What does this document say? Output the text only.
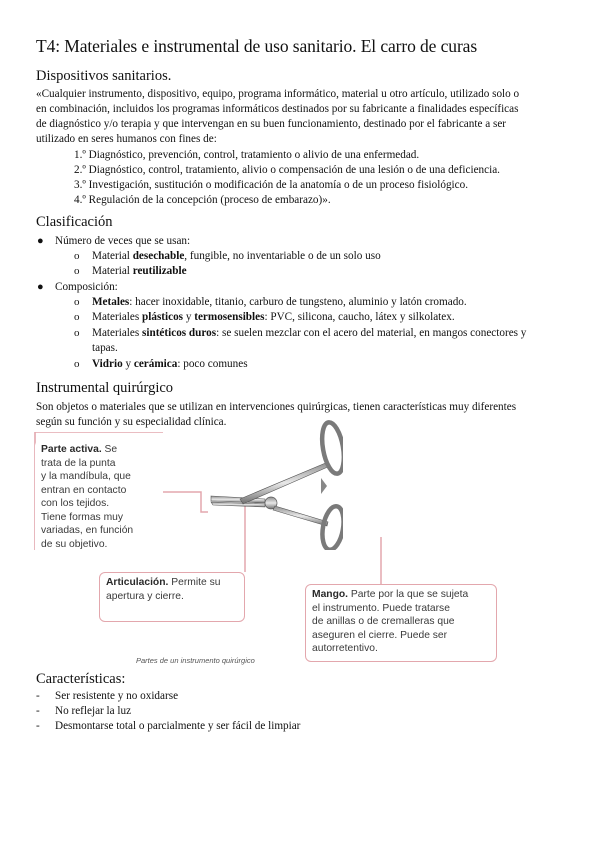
T4: Materiales e instrumental de uso sanitario. El carro de curas
Dispositivos sanitarios.
«Cualquier instrumento, dispositivo, equipo, programa informático, material u otro artículo, utilizado solo o
en combinación, incluidos los programas informáticos destinados por su fabricante a finalidades específicas
de diagnóstico y/o terapia y que intervengan en su buen funcionamiento, destinado por el fabricante a ser
utilizado en seres humanos con fines de:
1.º Diagnóstico, prevención, control, tratamiento o alivio de una enfermedad.
2.º Diagnóstico, control, tratamiento, alivio o compensación de una lesión o de una deficiencia.
3.º Investigación, sustitución o modificación de la anatomía o de un proceso fisiológico.
4.º Regulación de la concepción (proceso de embarazo)».
Clasificación
● Número de veces que se usan:
o Material desechable, fungible, no inventariable o de un solo uso
o Material reutilizable
● Composición:
o Metales: hacer inoxidable, titanio, carburo de tungsteno, aluminio y latón cromado.
o Materiales plásticos y termosensibles: PVC, silicona, caucho, látex y silkolatex.
o Materiales sintéticos duros: se suelen mezclar con el acero del material, en mangos conectores y
tapas.
o Vidrio y cerámica: poco comunes
Instrumental quirúrgico
Son objetos o materiales que se utilizan en intervenciones quirúrgicas, tienen características muy diferentes
según su función y su especialidad clínica.
Parte activa. Se
trata de la punta
y la mandíbula, que
entran en contacto
con los tejidos.
Tiene formas muy
variadas, en función
de su objetivo.
Articulación. Permite su
apertura y cierre.	Mango. Parte por la que se sujeta
el instrumento. Puede tratarse
de anillas o de cremalleras que
aseguren el cierre. Puede ser
autorretentivo.
Partes de un instrumento quirúrgico
Características:
- Ser resistente y no oxidarse
- No reflejar la luz
- Desmontarse total o parcialmente y ser fácil de limpiar
